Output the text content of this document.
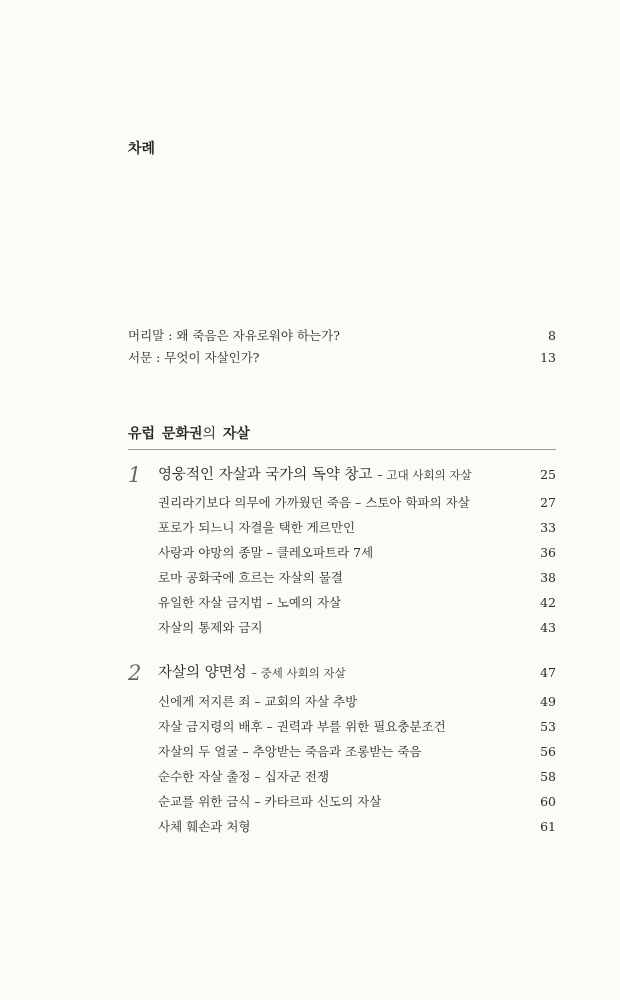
차례
머리말 : 왜 죽음은 자유로워야 하는가?	8
서문 : 무엇이 자살인가?	13
유럽 문화권의 자살
1 영웅적인 자살과 국가의 독약 창고 – 고대 사회의 자살	25
권리라기보다 의무에 가까웠던 죽음 – 스토아 학파의 자살	27
포로가 되느니 자결을 택한 게르만인	33
사랑과 야망의 종말 – 클레오파트라 7세	36
로마 공화국에 흐르는 자살의 물결	38
유일한 자살 금지법 – 노예의 자살	42
자살의 통제와 금지	43
2 자살의 양면성 – 중세 사회의 자살	47
신에게 저지른 죄 – 교회의 자살 추방	49
자살 금지령의 배후 – 권력과 부를 위한 필요충분조건	53
자살의 두 얼굴 – 추앙받는 죽음과 조롱받는 죽음	56
순수한 자살 출정 – 십자군 전쟁	58
순교를 위한 금식 – 카타르파 신도의 자살	60
사체 훼손과 처형	61
